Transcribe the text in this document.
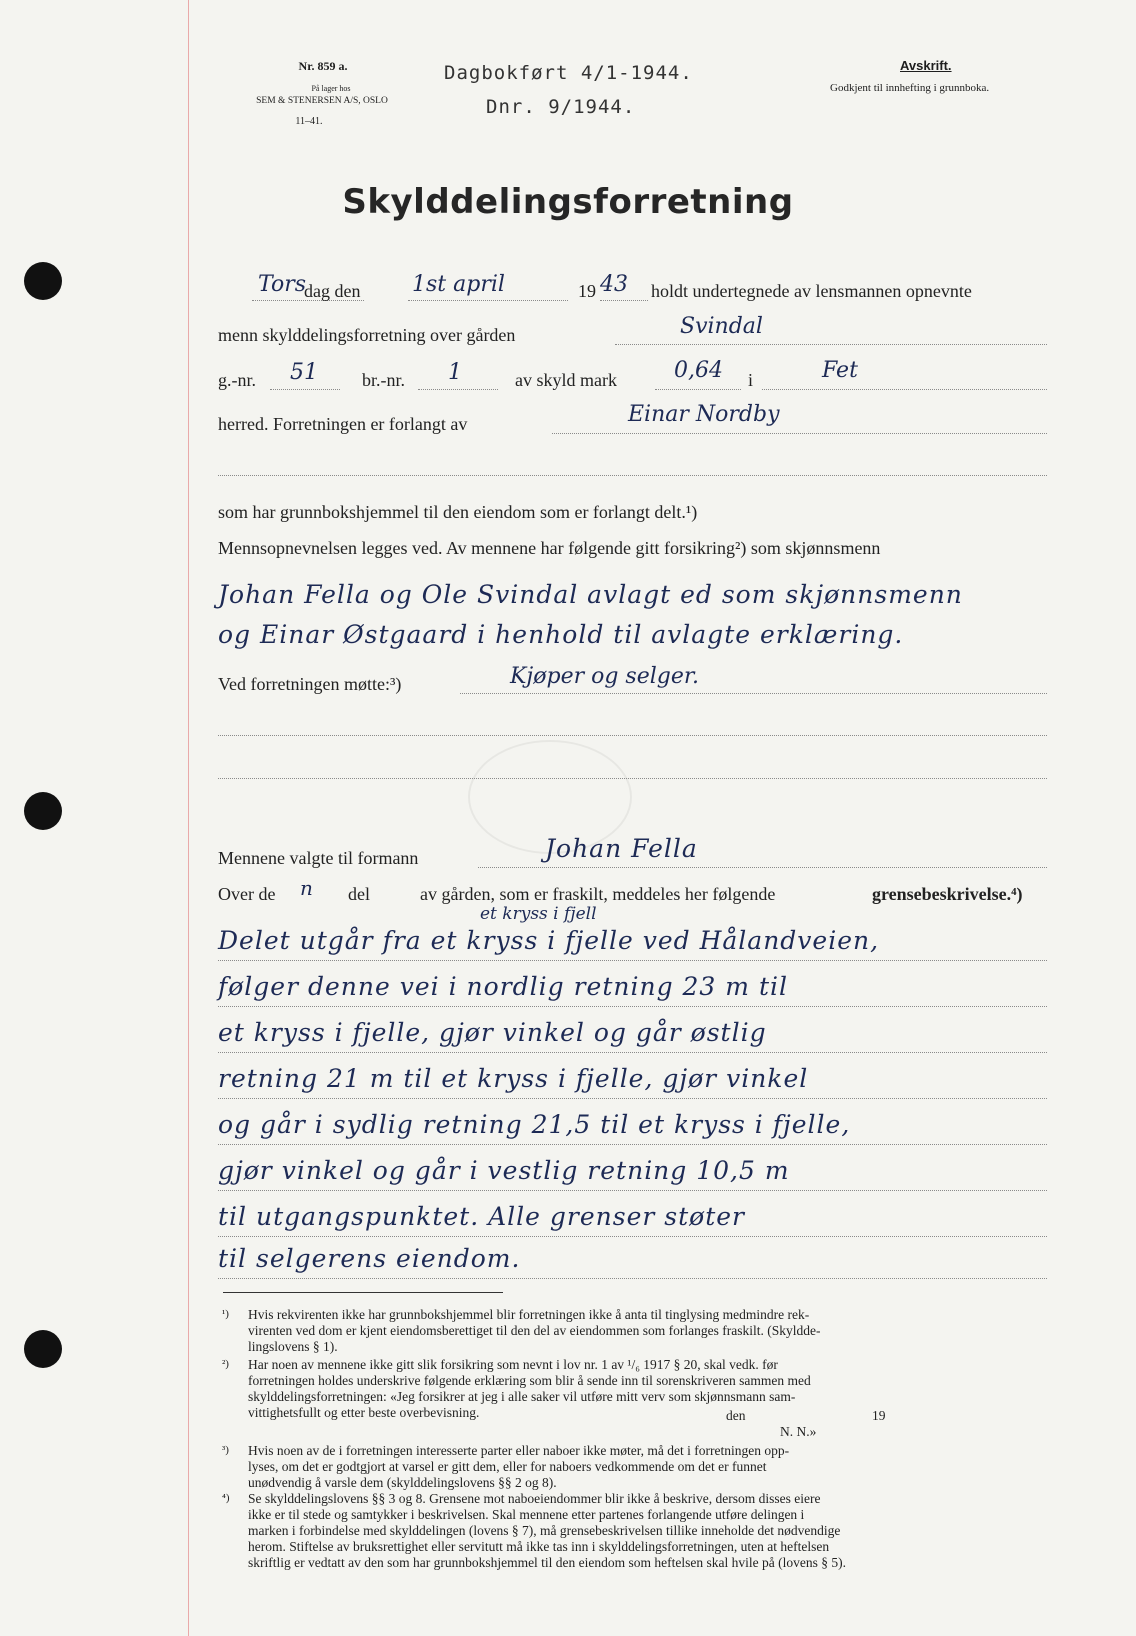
Nr. 859 a.
På lager hos
SEM & STENERSEN A/S, OSLO
11–41.
Dagbokført 4/1-1944.
Dnr. 9/1944.
Avskrift.
Godkjent til innhefting i grunnboka.
Skylddelingsforretning
Tors
dag den 1st april	19 43 holdt undertegnede av lensmannen opnevnte
menn skylddelingsforretning over gården	Svindal
g.-nr. 51 br.-nr. 1	av skyld mark	0,64 i	Fet
herred. Forretningen er forlangt av	Einar Nordby
som har grunnbokshjemmel til den eiendom som er forlangt delt.¹)
Mennsopnevnelsen legges ved. Av mennene har følgende gitt forsikring²) som skjønnsmenn
Johan Fella og Ole Svindal avlagt ed som skjønnsmenn
og Einar Østgaard i henhold til avlagte erklæring.
Ved forretningen møtte:³)	Kjøper og selger.
Mennene valgte til formann	Johan Fella
Over de n del	av gården, som er fraskilt, meddeles her følgende	grensebeskrivelse.⁴)
et kryss i fjell
Delet utgår fra et kryss i fjelle ved Hålandveien,
følger denne vei i nordlig retning 23 m til
et kryss i fjelle, gjør vinkel og går østlig
retning 21 m til et kryss i fjelle, gjør vinkel
og går i sydlig retning 21,5 til et kryss i fjelle,
gjør vinkel og går i vestlig retning 10,5 m
til utgangspunktet. Alle grenser støter
til selgerens eiendom.
¹) Hvis rekvirenten ikke har grunnbokshjemmel blir forretningen ikke å anta til tinglysing medmindre rek-
virenten ved dom er kjent eiendomsberettiget til den del av eiendommen som forlanges fraskilt. (Skyldde-
lingslovens § 1).
²) Har noen av mennene ikke gitt slik forsikring som nevnt i lov nr. 1 av ¹/₆ 1917 § 20, skal vedk. før
forretningen holdes underskrive følgende erklæring som blir å sende inn til sorenskriveren sammen med
skylddelingsforretningen: «Jeg forsikrer at jeg i alle saker vil utføre mitt verv som skjønnsmann sam-
vittighetsfullt og etter beste overbevisning.	den	19
N. N.»
³) Hvis noen av de i forretningen interesserte parter eller naboer ikke møter, må det i forretningen opp-
lyses, om det er godtgjort at varsel er gitt dem, eller for naboers vedkommende om det er funnet
unødvendig å varsle dem (skylddelingslovens §§ 2 og 8).
⁴) Se skylddelingslovens §§ 3 og 8. Grensene mot naboeiendommer blir ikke å beskrive, dersom disses eiere
ikke er til stede og samtykker i beskrivelsen. Skal mennene etter partenes forlangende utføre delingen i
marken i forbindelse med skylddelingen (lovens § 7), må grensebeskrivelsen tillike inneholde det nødvendige
herom. Stiftelse av bruksrettighet eller servitutt må ikke tas inn i skylddelingsforretningen, uten at heftelsen
skriftlig er vedtatt av den som har grunnbokshjemmel til den eiendom som heftelsen skal hvile på (lovens § 5).
